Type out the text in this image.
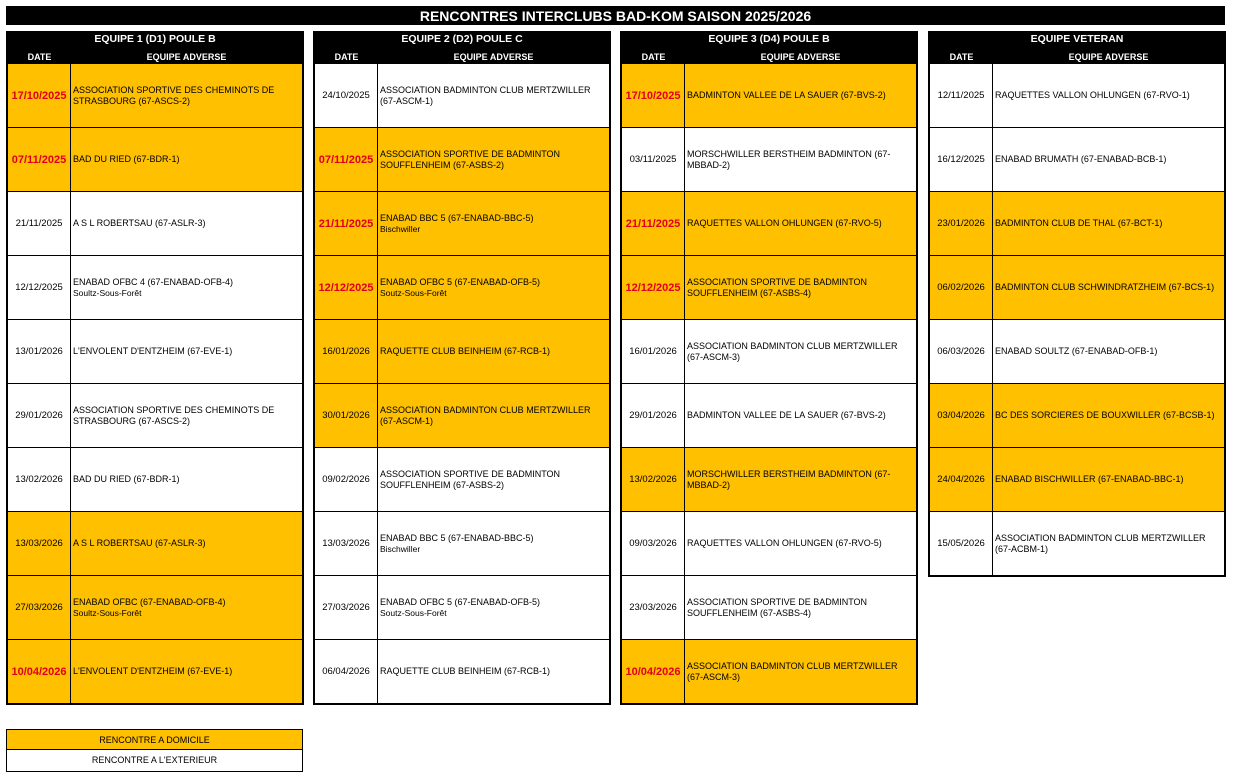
RENCONTRES INTERCLUBS BAD-KOM SAISON 2025/2026
EQUIPE 1 (D1) POULE B
DATE	EQUIPE ADVERSE
17/10/2025 ASSOCIATION SPORTIVE DES CHEMINOTS DE STRASBOURG (67-ASCS-2)
07/11/2025 BAD DU RIED (67-BDR-1)
21/11/2025	A S L ROBERTSAU (67-ASLR-3)
12/12/2025
ENABAD OFBC 4 (67-ENABAD-OFB-4)
Soultz-Sous-Forêt
13/01/2026	L'ENVOLENT D'ENTZHEIM (67-EVE-1)
29/01/2026
ASSOCIATION SPORTIVE DES CHEMINOTS DE STRASBOURG (67-ASCS-2)
13/02/2026	BAD DU RIED (67-BDR-1)
13/03/2026	A S L ROBERTSAU (67-ASLR-3)
27/03/2026
ENABAD OFBC (67-ENABAD-OFB-4)
Soultz-Sous-Forêt
10/04/2026 L'ENVOLENT D'ENTZHEIM (67-EVE-1)
EQUIPE 2 (D2) POULE C
DATE	EQUIPE ADVERSE
24/10/2025
ASSOCIATION BADMINTON CLUB MERTZWILLER (67-ASCM-1)
07/11/2025 ASSOCIATION SPORTIVE DE BADMINTON SOUFFLENHEIM (67-ASBS-2)
21/11/2025 ENABAD BBC 5 (67-ENABAD-BBC-5)
Bischwiller
12/12/2025 ENABAD OFBC 5 (67-ENABAD-OFB-5)
Soutz-Sous-Forêt
16/01/2026	RAQUETTE CLUB BEINHEIM (67-RCB-1)
30/01/2026
ASSOCIATION BADMINTON CLUB MERTZWILLER (67-ASCM-1)
09/02/2026
ASSOCIATION SPORTIVE DE BADMINTON SOUFFLENHEIM (67-ASBS-2)
13/03/2026
ENABAD BBC 5 (67-ENABAD-BBC-5)
Bischwiller
27/03/2026
ENABAD OFBC 5 (67-ENABAD-OFB-5)
Soutz-Sous-Forêt
06/04/2026	RAQUETTE CLUB BEINHEIM (67-RCB-1)
EQUIPE 3 (D4) POULE B
DATE	EQUIPE ADVERSE
17/10/2025 BADMINTON VALLEE DE LA SAUER (67-BVS-2)
03/11/2025
MORSCHWILLER BERSTHEIM BADMINTON (67-MBBAD-2)
21/11/2025 RAQUETTES VALLON OHLUNGEN (67-RVO-5)
12/12/2025 ASSOCIATION SPORTIVE DE BADMINTON SOUFFLENHEIM (67-ASBS-4)
16/01/2026
ASSOCIATION BADMINTON CLUB MERTZWILLER (67-ASCM-3)
29/01/2026	BADMINTON VALLEE DE LA SAUER (67-BVS-2)
13/02/2026
MORSCHWILLER BERSTHEIM BADMINTON (67-MBBAD-2)
09/03/2026	RAQUETTES VALLON OHLUNGEN (67-RVO-5)
23/03/2026
ASSOCIATION SPORTIVE DE BADMINTON SOUFFLENHEIM (67-ASBS-4)
10/04/2026 ASSOCIATION BADMINTON CLUB MERTZWILLER (67-ASCM-3)
EQUIPE VETERAN
DATE	EQUIPE ADVERSE
12/11/2025	RAQUETTES VALLON OHLUNGEN (67-RVO-1)
16/12/2025	ENABAD BRUMATH (67-ENABAD-BCB-1)
23/01/2026	BADMINTON CLUB DE THAL (67-BCT-1)
06/02/2026	BADMINTON CLUB SCHWINDRATZHEIM (67-BCS-1)
06/03/2026	ENABAD SOULTZ (67-ENABAD-OFB-1)
03/04/2026	BC DES SORCIERES DE BOUXWILLER (67-BCSB-1)
24/04/2026	ENABAD BISCHWILLER (67-ENABAD-BBC-1)
15/05/2026
ASSOCIATION BADMINTON CLUB MERTZWILLER (67-ACBM-1)
RENCONTRE A DOMICILE
RENCONTRE A L'EXTERIEUR
